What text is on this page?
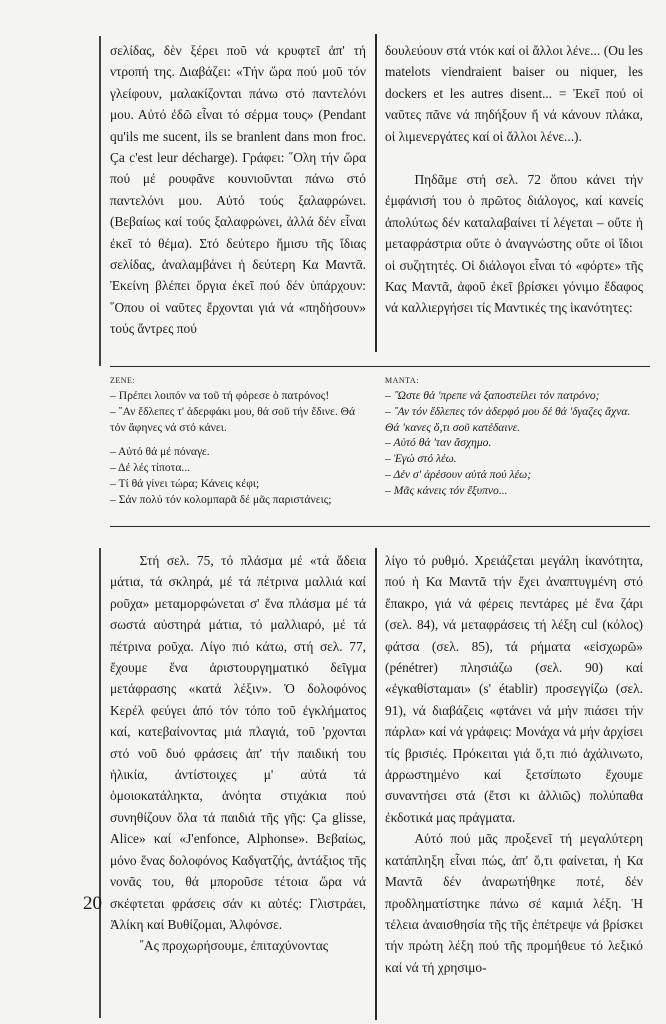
σελίδας, δὲν ξέρει ποῦ νά κρυφτεῖ ἀπ' τή ντροπή της. Διαβάζει: «Τήν ὥρα πού μοῦ τόν γλείφουν, μαλακίζονται πάνω στό παντελόνι μου. Αὐτό ἐδῶ εἶναι τό σέρμα τους» (Pendant qu'ils me sucent, ils se branlent dans mon froc. Ça c'est leur décharge). Γράφει: ῞Ολη τήν ὥρα πού μέ ρουφᾶνε κουνιοῦνται πάνω στό παντελόνι μου. Αὐτό τούς ξαλαφρώνει. (Βεβαίως καί τούς ξαλαφρώνει, ἀλλά δέν εἶναι ἐκεῖ τό θέμα). Στό δεύτερο ἥμισυ τῆς ἴδιας σελίδας, ἀναλαμβάνει ἡ δεύτερη Κα Μαντᾶ. Ἐκείνη βλέπει ὄργια ἐκεῖ πού δέν ὑπάρχουν: ῞Οπου οἱ ναῦτες ἔρχονται γιά νά «πηδήσουν» τούς ἄντρες πού

δουλεύουν στά ντόκ καί οἱ ἄλλοι λένε... (Ou les matelots viendraient baiser ou niquer, les dockers et les autres disent... = Ἐκεῖ πού οἱ ναῦτες πᾶνε νά πηδήξουν ἤ νά κάνουν πλάκα, οἱ λιμενεργάτες καί οἱ ἄλλοι λένε...).

Πηδᾶμε στή σελ. 72 ὅπου κάνει τήν ἐμφάνισή του ὁ πρῶτος διάλογος, καί κανείς ἀπολύτως δέν καταλαβαίνει τί λέγεται – οὔτε ἡ μεταφράστρια οὔτε ὁ ἀναγνώστης οὔτε οἱ ἴδιοι οἱ συζητητές. Οἱ διάλογοι εἶναι τό «φόρτε» τῆς Κας Μαντᾶ, ἀφοῦ ἐκεῖ βρίσκει γόνιμο ἔδαφος νά καλλιεργήσει τίς Μαντικές της ἱκανότητες:

ZENE:

– Πρέπει λοιπόν να τοῦ τή φόρεσε ὁ πατρόνος!

– ῎Αν ἔδλεπες τ' ἀδερφάκι μου, θά σοῦ τήν ἔδινε. Θά τόν ἄφηνες νά στό κάνει.

– Αὐτό θά μέ πόναγε.

– Δέ λές τίποτα...

– Τί θά γίνει τώρα; Κάνεις κέφι;

– Σάν πολύ τόν κολομπαρᾶ δέ μᾶς παριστάνεις;

ΜΑΝΤΑ:

– ῞Ωστε θά 'πρεπε νά ξαποστείλει τόν πατρόνο;

– ῎Αν τόν ἔδλεπες τόν ἀδερφό μου δέ θά 'δγαζες ἄχνα. Θά 'κανες ὅ,τι σοῦ κατέδαινε.

– Αὐτό θά 'ταν ἄσχημο.

– Ἐγώ στό λέω.

– Δέν σ' ἀρέσουν αὐτά πού λέω;

– Μᾶς κάνεις τόν ἔξυπνο...

Στή σελ. 75, τό πλάσμα μέ «τά ἄδεια μάτια, τά σκληρά, μέ τά πέτρινα μαλλιά καί ροῦχα» μεταμορφώνεται σ' ἕνα πλάσμα μέ τά σωστά αὐστηρά μάτια, τό μαλλιαρό, μέ τά πέτρινα ροῦχα. Λίγο πιό κάτω, στή σελ. 77, ἔχουμε ἕνα ἀριστουργηματικό δεῖγμα μετάφρασης «κατά λέξιν». Ὁ δολοφόνος Κερέλ φεύγει ἀπό τόν τόπο τοῦ ἐγκλήματος καί, κατεβαίνοντας μιά πλαγιά, τοῦ 'ρχονται στό νοῦ δυό φράσεις ἀπ' τήν παιδική του ἡλικία, ἀντίστοιχες μ' αὐτά τά ὁμοιοκατάληκτα, ἀνόητα στιχάκια πού συνηθίζουν ὅλα τά παιδιά τῆς γῆς: Ça glisse, Alice» καί «J'enfonce, Alphonse». Βεβαίως, μόνο ἕνας δολοφόνος Καδγατζής, ἀντάξιος τῆς νονᾶς του, θά μποροῦσε τέτοια ὥρα νά σκέφτεται φράσεις σάν κι αὐτές: Γλιστράει, Ἀλίκη καί Βυθίζομαι, Ἀλφόνσε.

῎Ας προχωρήσουμε, ἐπιταχύνοντας

λίγο τό ρυθμό. Χρειάζεται μεγάλη ἱκανότητα, πού ἡ Κα Μαντᾶ τήν ἔχει ἀναπτυγμένη στό ἔπακρο, γιά νά φέρεις πεντάρες μέ ἕνα ζάρι (σελ. 84), νά μεταφράσεις τή λέξη cul (κόλος) φάτσα (σελ. 85), τά ρήματα «εἰσχωρῶ» (pénétrer) πλησιάζω (σελ. 90) καί «ἐγκαθίσταμαι» (s' établir) προσεγγίζω (σελ. 91), νά διαβάζεις «φτάνει νά μήν πιάσει τήν πάρλα» καί νά γράφεις: Μονάχα νά μήν ἀρχίσει τίς βρισιές. Πρόκειται γιά ὅ,τι πιό ἀχάλινωτο, ἀρρωστημένο καί ξετσίπωτο ἔχουμε συναντήσει στά (ἔτσι κι ἀλλιῶς) πολύπαθα ἐκδοτικά μας πράγματα.

Αὐτό πού μᾶς προξενεῖ τή μεγαλύτερη κατάπληξη εἶναι πώς, ἀπ' ὅ,τι φαίνεται, ἡ Κα Μαντᾶ δέν ἀναρωτήθηκε ποτέ, δέν προδληματίστηκε πάνω σέ καμιά λέξη. Ἡ τέλεια ἀναισθησία τῆς τῆς ἐπέτρεψε νά βρίσκει τήν πρώτη λέξη πού τῆς προμήθευε τό λεξικό καί νά τή χρησιμο-

20
